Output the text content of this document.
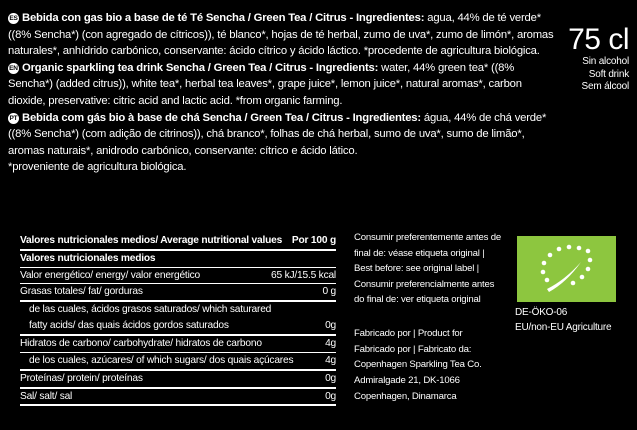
ES Bebida con gas bio a base de té Té Sencha / Green Tea / Citrus - Ingredientes: agua, 44% de té verde* ((8% Sencha*) (con agregado de cítricos)), té blanco*, hojas de té herbal, zumo de uva*, zumo de limón*, aromas naturales*, anhídrido carbónico, conservante: ácido cítrico y ácido láctico. *procedente de agricultura biológica.

EN Organic sparkling tea drink Sencha / Green Tea / Citrus - Ingredients: water, 44% green tea* ((8% Sencha*) (added citrus)), white tea*, herbal tea leaves*, grape juice*, lemon juice*, natural aromas*, carbon dioxide, preservative: citric acid and lactic acid. *from organic farming.

PT Bebida com gás bio à base de chá Sencha / Green Tea / Citrus - Ingredientes: água, 44% de chá verde* ((8% Sencha*) (com adição de citrinos)), chá branco*, folhas de chá herbal, sumo de uva*, sumo de limão*, aromas naturais*, anidrodo carbónico, conservante: cítrico e ácido lático.

*proveniente de agricultura biológica.

75 cl
Sin alcohol
Soft drink
Sem álcool
Valores nutricionales medios/ Average nutritional values Por 100 g
Valores nutricionales medios
Valor energético/ energy/ valor energético	65 kJ/15.5 kcal
Grasas totales/ fat/ gorduras	0 g
de las cuales, ácidos grasos saturados/ which saturared fatty acids/ das quais ácidos gordos saturados	0g
Hidratos de carbono/ carbohydrate/ hidratos de carbono	4g
de los cuales, azúcares/ of which sugars/ dos quais açúcares	4g
Proteínas/ protein/ proteínas	0g
Sal/ salt/ sal	0g
Consumir preferentemente antes de
final de: véase etiqueta original |
Best before: see original label |
Consumir preferencialmente antes
do final de: ver etiqueta original
Fabricado por | Product for
Fabricado por | Fabricato da:
Copenhagen Sparkling Tea Co.
Admiralgade 21, DK-1066
Copenhagen, Dinamarca
DE-ÖKO-06
EU/non-EU Agriculture
